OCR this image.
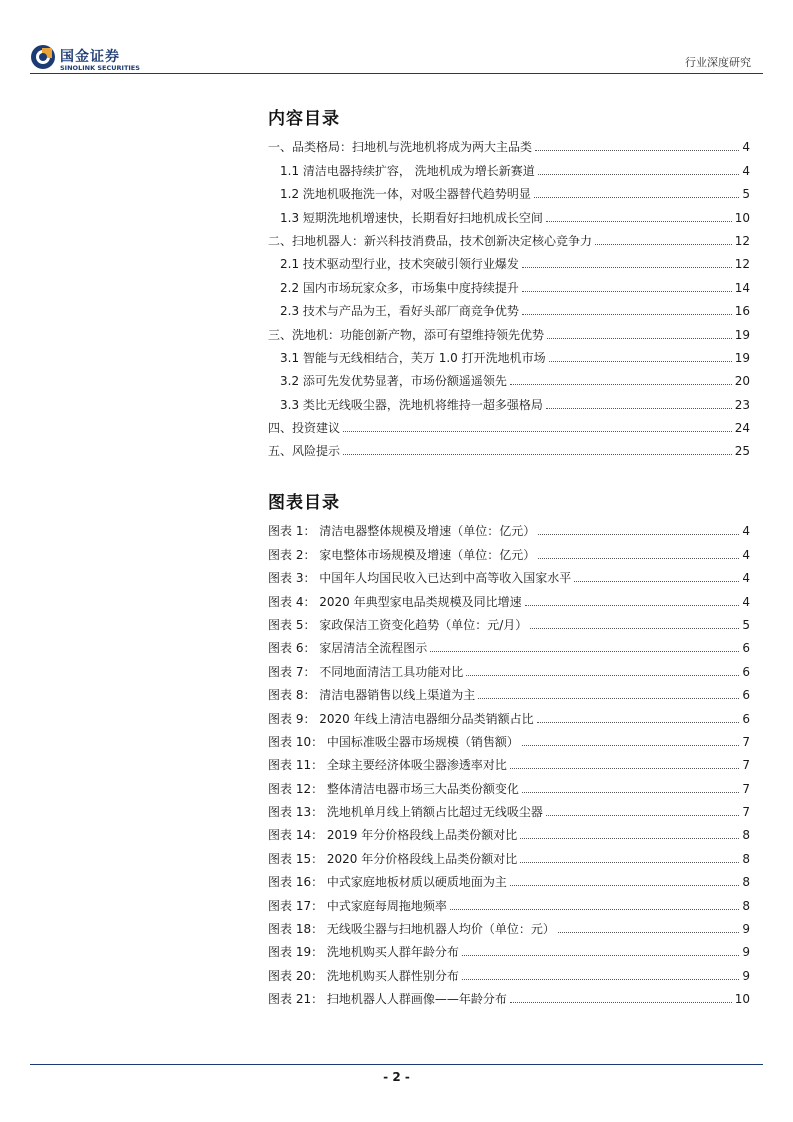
国金证券
SINOLINK SECURITIES	行业深度研究
内容目录
一、品类格局：扫地机与洗地机将成为两大主品类	4
1.1 清洁电器持续扩容， 洗地机成为增长新赛道	4
1.2 洗地机吸拖洗一体，对吸尘器替代趋势明显	5
1.3 短期洗地机增速快，长期看好扫地机成长空间	10
二、扫地机器人：新兴科技消费品，技术创新决定核心竞争力	12
2.1 技术驱动型行业，技术突破引领行业爆发	12
2.2 国内市场玩家众多，市场集中度持续提升	14
2.3 技术与产品为王，看好头部厂商竞争优势	16
三、洗地机：功能创新产物，添可有望维持领先优势	19
3.1 智能与无线相结合，芙万 1.0 打开洗地机市场	19
3.2 添可先发优势显著，市场份额遥遥领先	20
3.3 类比无线吸尘器，洗地机将维持一超多强格局	23
四、投资建议	24
五、风险提示	25
图表目录
图表 1： 清洁电器整体规模及增速（单位：亿元）	4
图表 2： 家电整体市场规模及增速（单位：亿元）	4
图表 3： 中国年人均国民收入已达到中高等收入国家水平	4
图表 4： 2020 年典型家电品类规模及同比增速	4
图表 5： 家政保洁工资变化趋势（单位：元/月）	5
图表 6： 家居清洁全流程图示	6
图表 7： 不同地面清洁工具功能对比	6
图表 8： 清洁电器销售以线上渠道为主	6
图表 9： 2020 年线上清洁电器细分品类销额占比	6
图表 10： 中国标准吸尘器市场规模（销售额）	7
图表 11： 全球主要经济体吸尘器渗透率对比	7
图表 12： 整体清洁电器市场三大品类份额变化	7
图表 13： 洗地机单月线上销额占比超过无线吸尘器	7
图表 14： 2019 年分价格段线上品类份额对比	8
图表 15： 2020 年分价格段线上品类份额对比	8
图表 16： 中式家庭地板材质以硬质地面为主	8
图表 17： 中式家庭每周拖地频率	8
图表 18： 无线吸尘器与扫地机器人均价（单位：元）	9
图表 19： 洗地机购买人群年龄分布	9
图表 20： 洗地机购买人群性别分布	9
图表 21： 扫地机器人人群画像——年龄分布	10
- 2 -
